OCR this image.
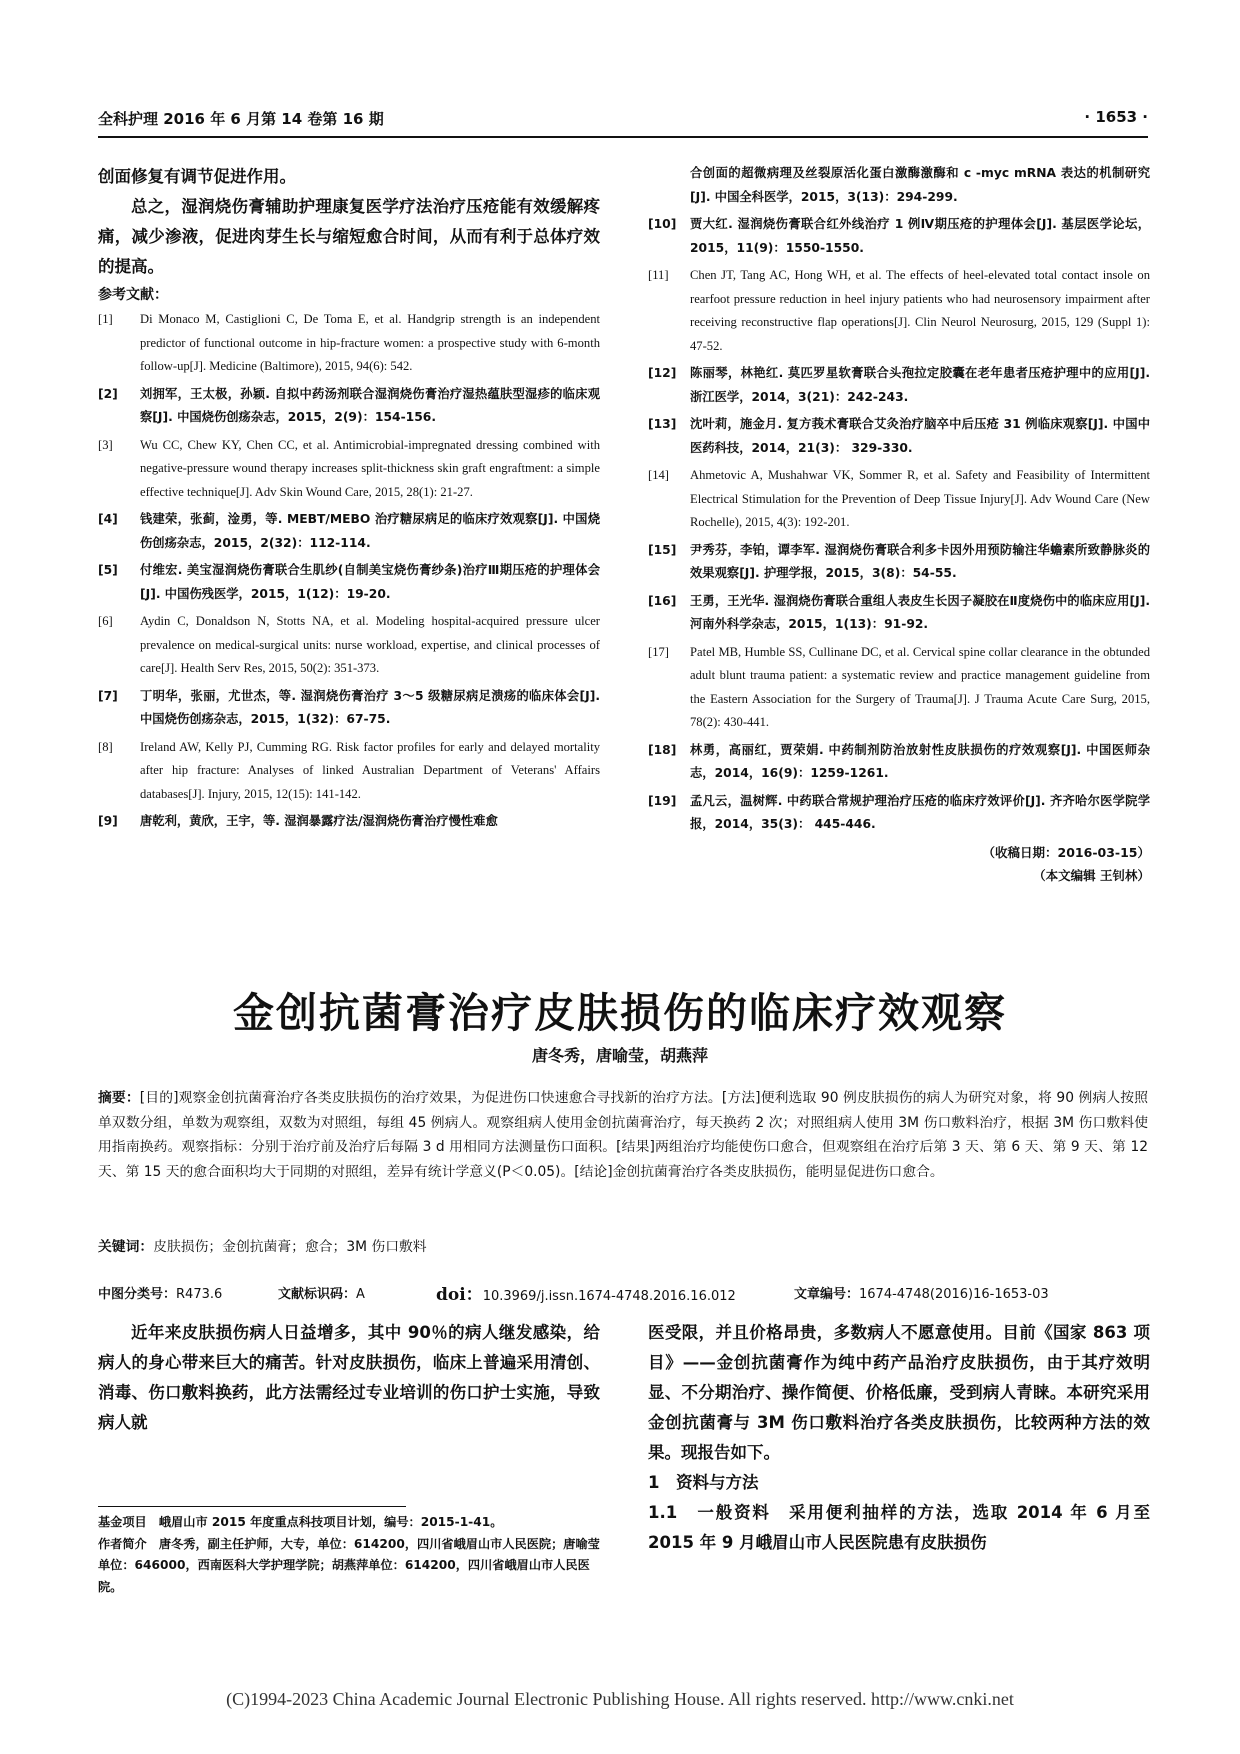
全科护理 2016 年 6 月第 14 卷第 16 期	· 1653 ·

创面修复有调节促进作用。

总之，湿润烧伤膏辅助护理康复医学疗法治疗压疮能有效缓解疼痛，减少渗液，促进肉芽生长与缩短愈合时间，从而有利于总体疗效的提高。

参考文献：
[1] Di Monaco M, Castiglioni C, De Toma E, et al. Handgrip strength is an independent predictor of functional outcome in hip-fracture women: a prospective study with 6-month follow-up[J]. Medicine (Baltimore), 2015, 94(6): 542.
[2] 刘拥军，王太极，孙颖. 自拟中药汤剂联合湿润烧伤膏治疗湿热蕴肤型湿疹的临床观察[J]. 中国烧伤创疡杂志，2015，2(9)：154-156.
[3] Wu CC, Chew KY, Chen CC, et al. Antimicrobial-impregnated dressing combined with negative-pressure wound therapy increases split-thickness skin graft engraftment: a simple effective technique[J]. Adv Skin Wound Care, 2015, 28(1): 21-27.
[4] 钱建荣，张蓟，淦勇，等. MEBT/MEBO 治疗糖尿病足的临床疗效观察[J]. 中国烧伤创疡杂志，2015，2(32)：112-114.
[5] 付维宏. 美宝湿润烧伤膏联合生肌纱(自制美宝烧伤膏纱条)治疗Ⅲ期压疮的护理体会[J]. 中国伤残医学，2015，1(12)：19-20.
[6] Aydin C, Donaldson N, Stotts NA, et al. Modeling hospital-acquired pressure ulcer prevalence on medical-surgical units: nurse workload, expertise, and clinical processes of care[J]. Health Serv Res, 2015, 50(2): 351-373.
[7] 丁明华，张丽，尤世杰，等. 湿润烧伤膏治疗 3～5 级糖尿病足溃疡的临床体会[J]. 中国烧伤创疡杂志，2015，1(32)：67-75.
[8] Ireland AW, Kelly PJ, Cumming RG. Risk factor profiles for early and delayed mortality after hip fracture: Analyses of linked Australian Department of Veterans' Affairs databases[J]. Injury, 2015, 12(15): 141-142.
[9] 唐乾利，黄欣，王宇，等. 湿润暴露疗法/湿润烧伤膏治疗慢性难愈
合创面的超微病理及丝裂原活化蛋白激酶激酶和 c -myc mRNA 表达的机制研究[J]. 中国全科医学，2015，3(13)：294-299.
[10] 贾大红. 湿润烧伤膏联合红外线治疗 1 例Ⅳ期压疮的护理体会[J]. 基层医学论坛，2015，11(9)：1550-1550.
[11] Chen JT, Tang AC, Hong WH, et al. The effects of heel-elevated total contact insole on rearfoot pressure reduction in heel injury patients who had neurosensory impairment after receiving reconstructive flap operations[J]. Clin Neurol Neurosurg, 2015, 129 (Suppl 1): 47-52.
[12] 陈丽琴，林艳红. 莫匹罗星软膏联合头孢拉定胶囊在老年患者压疮护理中的应用[J]. 浙江医学，2014，3(21)：242-243.
[13] 沈叶莉，施金月. 复方莪术膏联合艾灸治疗脑卒中后压疮 31 例临床观察[J]. 中国中医药科技，2014，21(3)： 329-330.
[14] Ahmetovic A, Mushahwar VK, Sommer R, et al. Safety and Feasibility of Intermittent Electrical Stimulation for the Prevention of Deep Tissue Injury[J]. Adv Wound Care (New Rochelle), 2015, 4(3): 192-201.
[15] 尹秀芬，李铂，谭李军. 湿润烧伤膏联合利多卡因外用预防输注华蟾素所致静脉炎的效果观察[J]. 护理学报，2015，3(8)：54-55.
[16] 王勇，王光华. 湿润烧伤膏联合重组人表皮生长因子凝胶在Ⅱ度烧伤中的临床应用[J]. 河南外科学杂志，2015，1(13)：91-92.
[17] Patel MB, Humble SS, Cullinane DC, et al. Cervical spine collar clearance in the obtunded adult blunt trauma patient: a systematic review and practice management guideline from the Eastern Association for the Surgery of Trauma[J]. J Trauma Acute Care Surg, 2015, 78(2): 430-441.
[18] 林勇，高丽红，贾荣娟. 中药制剂防治放射性皮肤损伤的疗效观察[J]. 中国医师杂志，2014，16(9)：1259-1261.
[19] 孟凡云，温树辉. 中药联合常规护理治疗压疮的临床疗效评价[J]. 齐齐哈尔医学院学报，2014，35(3)： 445-446.

（收稿日期：2016-03-15）

（本文编辑 王钊林）

金创抗菌膏治疗皮肤损伤的临床疗效观察
唐冬秀，唐喻莹，胡燕萍
摘要：[目的]观察金创抗菌膏治疗各类皮肤损伤的治疗效果，为促进伤口快速愈合寻找新的治疗方法。[方法]便利选取 90 例皮肤损伤的病人为研究对象，将 90 例病人按照单双数分组，单数为观察组，双数为对照组，每组 45 例病人。观察组病人使用金创抗菌膏治疗，每天换药 2 次；对照组病人使用 3M 伤口敷料治疗，根据 3M 伤口敷料使用指南换药。观察指标：分别于治疗前及治疗后每隔 3 d 用相同方法测量伤口面积。[结果]两组治疗均能使伤口愈合，但观察组在治疗后第 3 天、第 6 天、第 9 天、第 12 天、第 15 天的愈合面积均大于同期的对照组，差异有统计学意义(P＜0.05)。[结论]金创抗菌膏治疗各类皮肤损伤，能明显促进伤口愈合。
关键词：皮肤损伤；金创抗菌膏；愈合；3M 伤口敷料
中图分类号：R473.6	文献标识码：A	doi：10.3969/j.issn.1674-4748.2016.16.012	文章编号：1674-4748(2016)16-1653-03

近年来皮肤损伤病人日益增多，其中 90％的病人继发感染，给病人的身心带来巨大的痛苦。针对皮肤损伤，临床上普遍采用清创、消毒、伤口敷料换药，此方法需经过专业培训的伤口护士实施，导致病人就

医受限，并且价格昂贵，多数病人不愿意使用。目前《国家 863 项目》——金创抗菌膏作为纯中药产品治疗皮肤损伤，由于其疗效明显、不分期治疗、操作简便、价格低廉，受到病人青睐。本研究采用金创抗菌膏与 3M 伤口敷料治疗各类皮肤损伤，比较两种方法的效果。现报告如下。

1　资料与方法

1.1　一般资料　 采用便利抽样的方法，选取 2014 年 6 月至 2015 年 9 月峨眉山市人民医院患有皮肤损伤

基金项目　峨眉山市 2015 年度重点科技项目计划，编号：2015-1-41。

作者简介　唐冬秀，副主任护师，大专，单位：614200，四川省峨眉山市人民医院；唐喻莹单位：646000，西南医科大学护理学院；胡燕萍单位：614200，四川省峨眉山市人民医院。

(C)1994-2023 China Academic Journal Electronic Publishing House. All rights reserved. http://www.cnki.net
